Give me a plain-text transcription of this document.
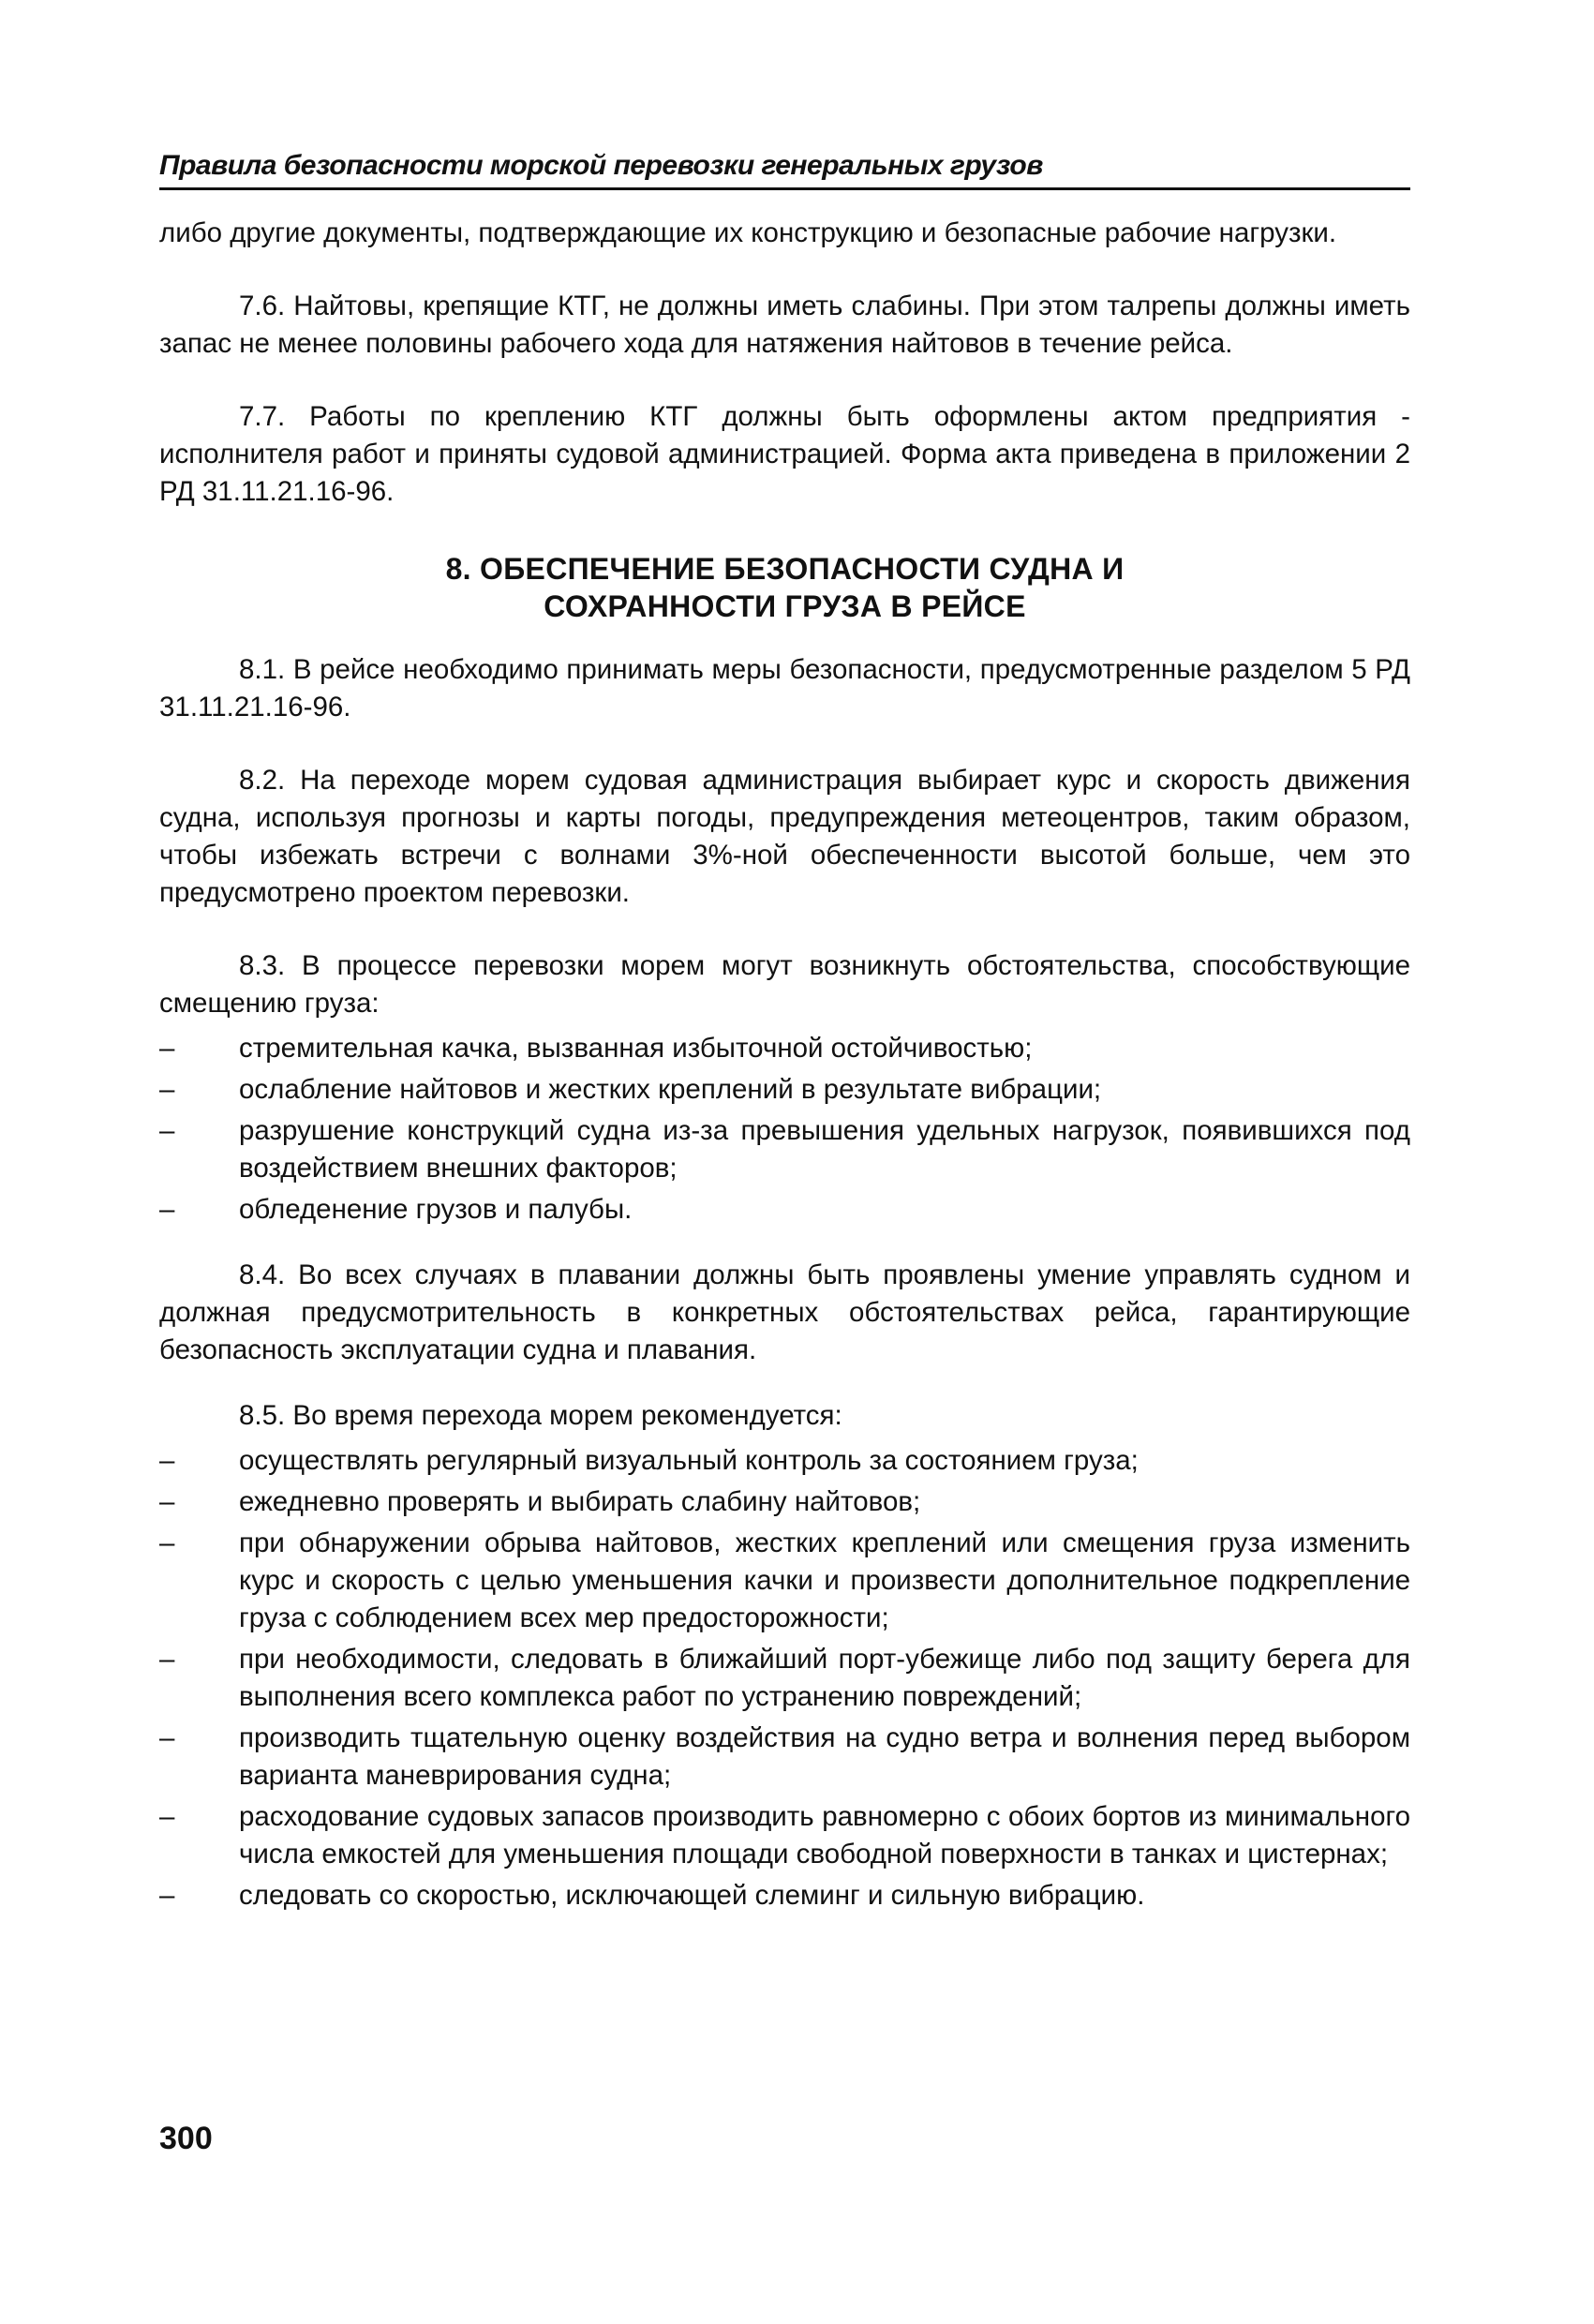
Правила безопасности морской перевозки генеральных грузов

либо другие документы, подтверждающие их конструкцию и безопасные рабочие нагрузки.

7.6. Найтовы, крепящие КТГ, не должны иметь слабины. При этом талрепы должны иметь запас не менее половины рабочего хода для натяжения найтовов в течение рейса.

7.7. Работы по креплению КТГ должны быть оформлены актом предприятия - исполнителя работ и приняты судовой администрацией. Форма акта приведена в приложении 2 РД 31.11.21.16-96.

8. ОБЕСПЕЧЕНИЕ БЕЗОПАСНОСТИ СУДНА И
СОХРАННОСТИ ГРУЗА В РЕЙСЕ

8.1. В рейсе необходимо принимать меры безопасности, предусмотренные разделом 5 РД 31.11.21.16-96.

8.2. На переходе морем судовая администрация выбирает курс и скорость движения судна, используя прогнозы и карты погоды, предупреждения метеоцентров, таким образом, чтобы избежать встречи с волнами 3%-ной обеспеченности высотой больше, чем это предусмотрено проектом перевозки.

8.3. В процессе перевозки морем могут возникнуть обстоятельства, способствующие смещению груза:

–	стремительная качка, вызванная избыточной остойчивостью;
–	ослабление найтовов и жестких креплений в результате вибрации;
–	разрушение конструкций судна из-за превышения удельных нагрузок, появившихся под воздействием внешних факторов;
–	обледенение грузов и палубы.

8.4. Во всех случаях в плавании должны быть проявлены умение управлять судном и должная предусмотрительность в конкретных обстоятельствах рейса, гарантирующие безопасность эксплуатации судна и плавания.

8.5. Во время перехода морем рекомендуется:

–	осуществлять регулярный визуальный контроль за состоянием груза;
–	ежедневно проверять и выбирать слабину найтовов;
–	при обнаружении обрыва найтовов, жестких креплений или смещения груза изменить курс и скорость с целью уменьшения качки и произвести дополнительное подкрепление груза с соблюдением всех мер предосторожности;
–	при необходимости, следовать в ближайший порт-убежище либо под защиту берега для выполнения всего комплекса работ по устранению повреждений;
–	производить тщательную оценку воздействия на судно ветра и волнения перед выбором варианта маневрирования судна;
–	расходование судовых запасов производить равномерно с обоих бортов из минимального числа емкостей для уменьшения площади свободной поверхности в танках и цистернах;
–	следовать со скоростью, исключающей слеминг и сильную вибрацию.
300
